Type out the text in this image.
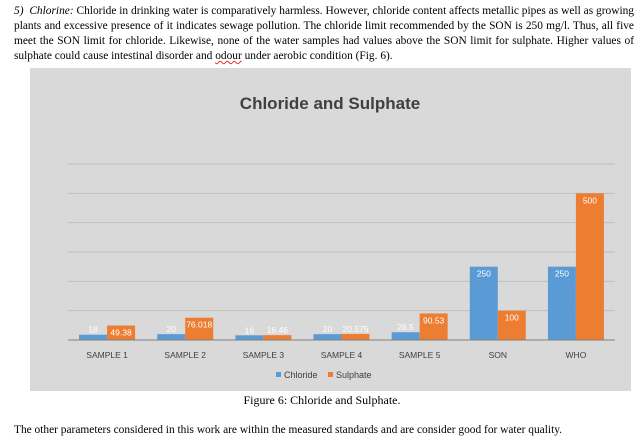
5) Chlorine: Chloride in drinking water is comparatively harmless. However, chloride content affects metallic pipes as well as growing plants and excessive presence of it indicates sewage pollution. The chloride limit recommended by the SON is 250 mg/l. Thus, all five meet the SON limit for chloride. Likewise, none of the water samples had values above the SON limit for sulphate. Higher values of sulphate could cause intestinal disorder and odour under aerobic condition (Fig. 6).

Chloride and Sulphate
18 49.38
SAMPLE 1
20 76.018
SAMPLE 2
16 16.46
SAMPLE 3
20 20.575
SAMPLE 4
26.5
90.53
SAMPLE 5
250
100
SON
250
500
WHO
Chloride Sulphate

Figure 6: Chloride and Sulphate.

The other parameters considered in this work are within the measured standards and are consider good for water quality.
